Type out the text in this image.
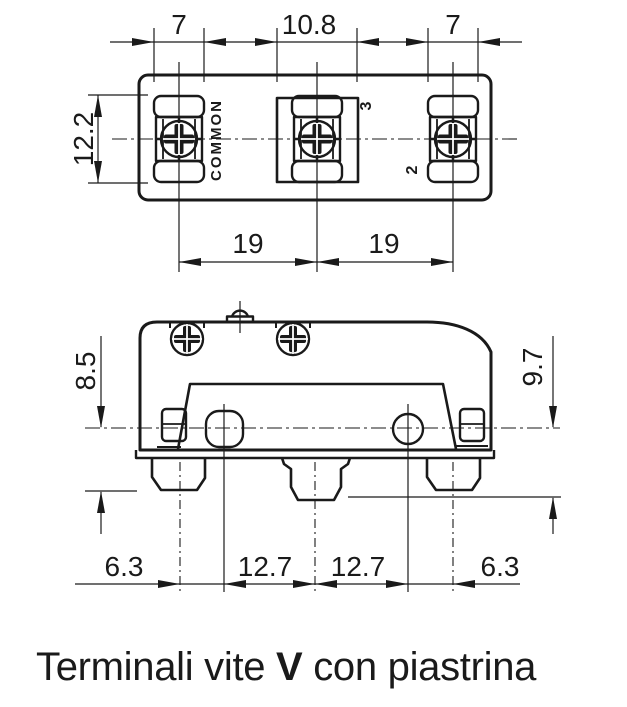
COMMON	3
2
7	10.8	7
12.2
19	19
8.5	9.7
6.3	12.7 12.7	6.3
Terminali vite V con piastrina
